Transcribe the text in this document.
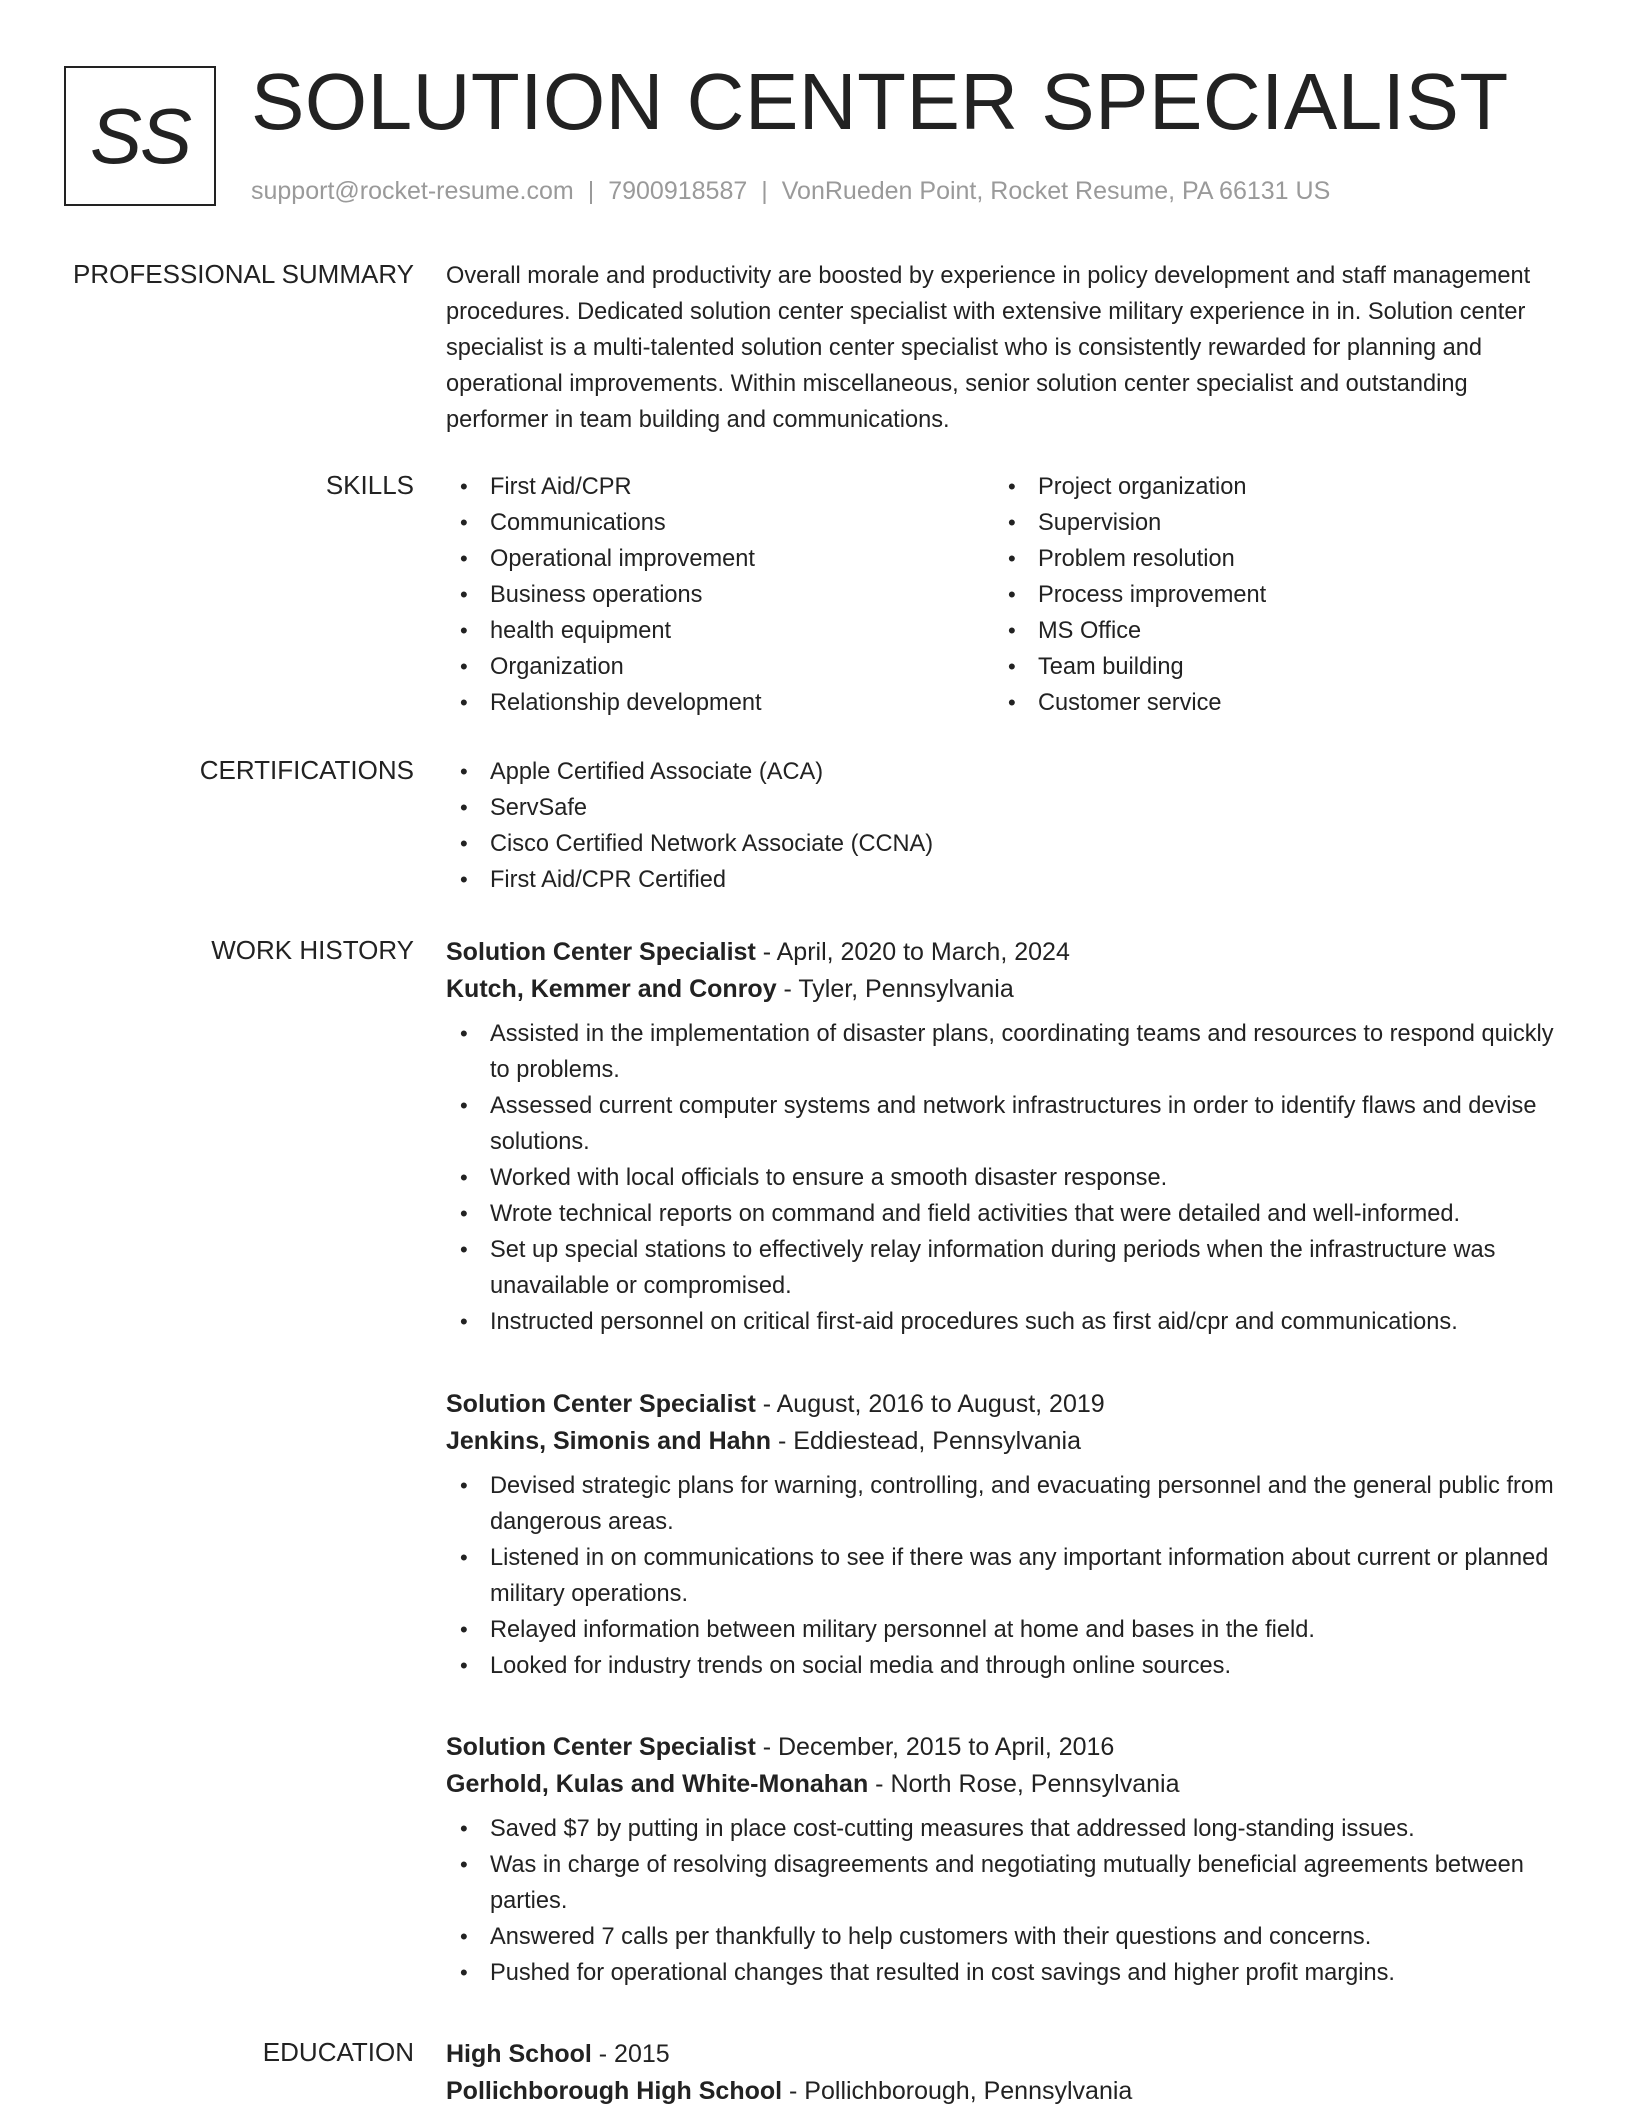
SS SOLUTION CENTER SPECIALIST
support@rocket-resume.com | 7900918587 | VonRueden Point, Rocket Resume, PA 66131 US
PROFESSIONAL SUMMARY Overall morale and productivity are boosted by experience in policy development and staff management procedures. Dedicated solution center specialist with extensive military experience in in. Solution center specialist is a multi-talented solution center specialist who is consistently rewarded for planning and operational improvements. Within miscellaneous, senior solution center specialist and outstanding performer in team building and communications.

SKILLS	• First Aid/CPR
• Communications
• Operational improvement
• Business operations
• health equipment
• Organization
• Relationship development
• Project organization
• Supervision
• Problem resolution
• Process improvement
• MS Office
• Team building
• Customer service
CERTIFICATIONS	• Apple Certified Associate (ACA)
• ServSafe
• Cisco Certified Network Associate (CCNA)
• First Aid/CPR Certified
WORK HISTORY Solution Center Specialist - April, 2020 to March, 2024

Kutch, Kemmer and Conroy - Tyler, Pennsylvania

• Assisted in the implementation of disaster plans, coordinating teams and resources to respond quickly to problems.
• Assessed current computer systems and network infrastructures in order to identify flaws and devise solutions.
• Worked with local officials to ensure a smooth disaster response.
• Wrote technical reports on command and field activities that were detailed and well-informed.
• Set up special stations to effectively relay information during periods when the infrastructure was unavailable or compromised.
• Instructed personnel on critical first-aid procedures such as first aid/cpr and communications.

Solution Center Specialist - August, 2016 to August, 2019

Jenkins, Simonis and Hahn - Eddiestead, Pennsylvania

• Devised strategic plans for warning, controlling, and evacuating personnel and the general public from dangerous areas.
• Listened in on communications to see if there was any important information about current or planned military operations.
• Relayed information between military personnel at home and bases in the field.
• Looked for industry trends on social media and through online sources.

Solution Center Specialist - December, 2015 to April, 2016

Gerhold, Kulas and White-Monahan - North Rose, Pennsylvania

• Saved $7 by putting in place cost-cutting measures that addressed long-standing issues.
• Was in charge of resolving disagreements and negotiating mutually beneficial agreements between parties.
• Answered 7 calls per thankfully to help customers with their questions and concerns.
• Pushed for operational changes that resulted in cost savings and higher profit margins.
EDUCATION High School - 2015

Pollichborough High School - Pollichborough, Pennsylvania
